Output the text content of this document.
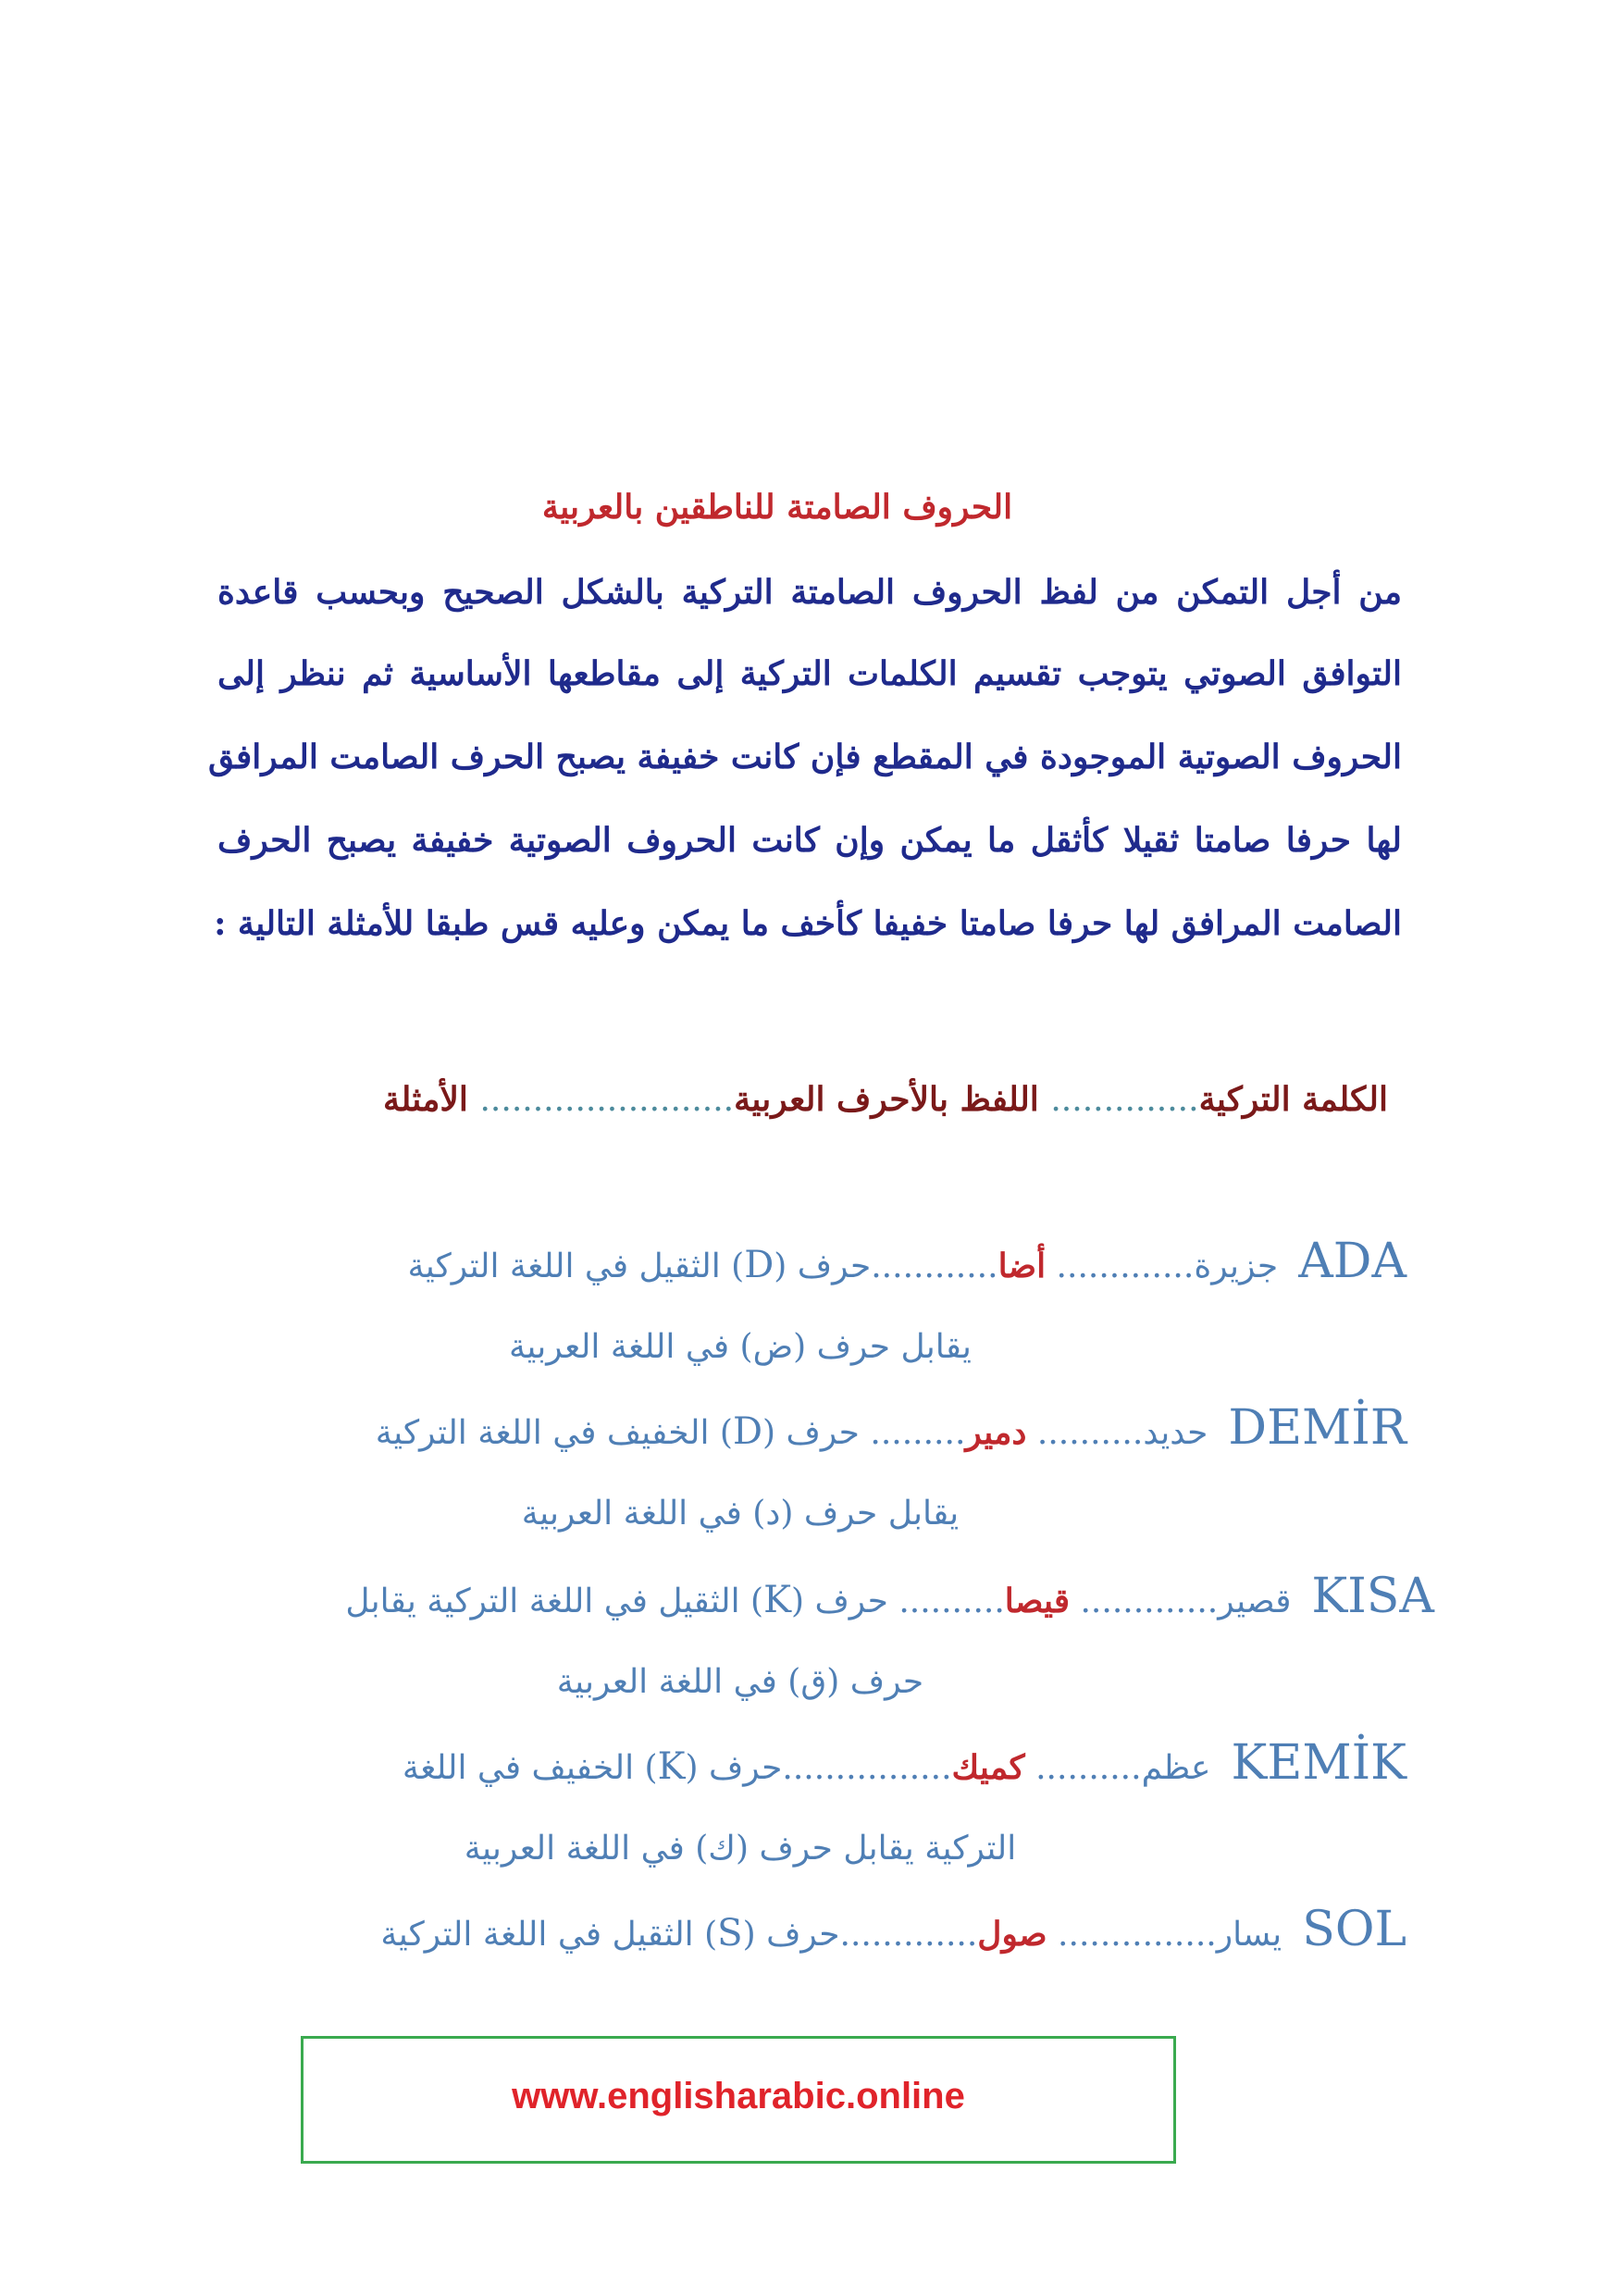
الحروف الصامتة للناطقين بالعربية
من أجل التمكن من لفظ الحروف الصامتة التركية بالشكل الصحيح وبحسب قاعدة
التوافق الصوتي يتوجب تقسيم الكلمات التركية إلى مقاطعها الأساسية ثم ننظر إلى
الحروف الصوتية الموجودة في المقطع فإن كانت خفيفة يصبح الحرف الصامت المرافق
لها حرفا صامتا ثقيلا كأثقل ما يمكن وإن كانت الحروف الصوتية خفيفة يصبح الحرف
الصامت المرافق لها حرفا صامتا خفيفا كأخف ما يمكن وعليه قس طبقا للأمثلة التالية :
الكلمة التركية.............. اللفظ بالأحرف العربية........................ الأمثلة
ADAجزيرة............. أضا............حرف (D) الثقيل في اللغة التركية
يقابل حرف (ض) في اللغة العربية
DEMİRحديد.......... دمير......... حرف (D) الخفيف في اللغة التركية
يقابل حرف (د) في اللغة العربية
KISAقصير............. قيصا.......... حرف (K) الثقيل في اللغة التركية يقابل
حرف (ق) في اللغة العربية
KEMİKعظم.......... كميك................حرف (K) الخفيف في اللغة
التركية يقابل حرف (ك) في اللغة العربية
SOLيسار............... صول.............حرف (S) الثقيل في اللغة التركية
www.englisharabic.online
